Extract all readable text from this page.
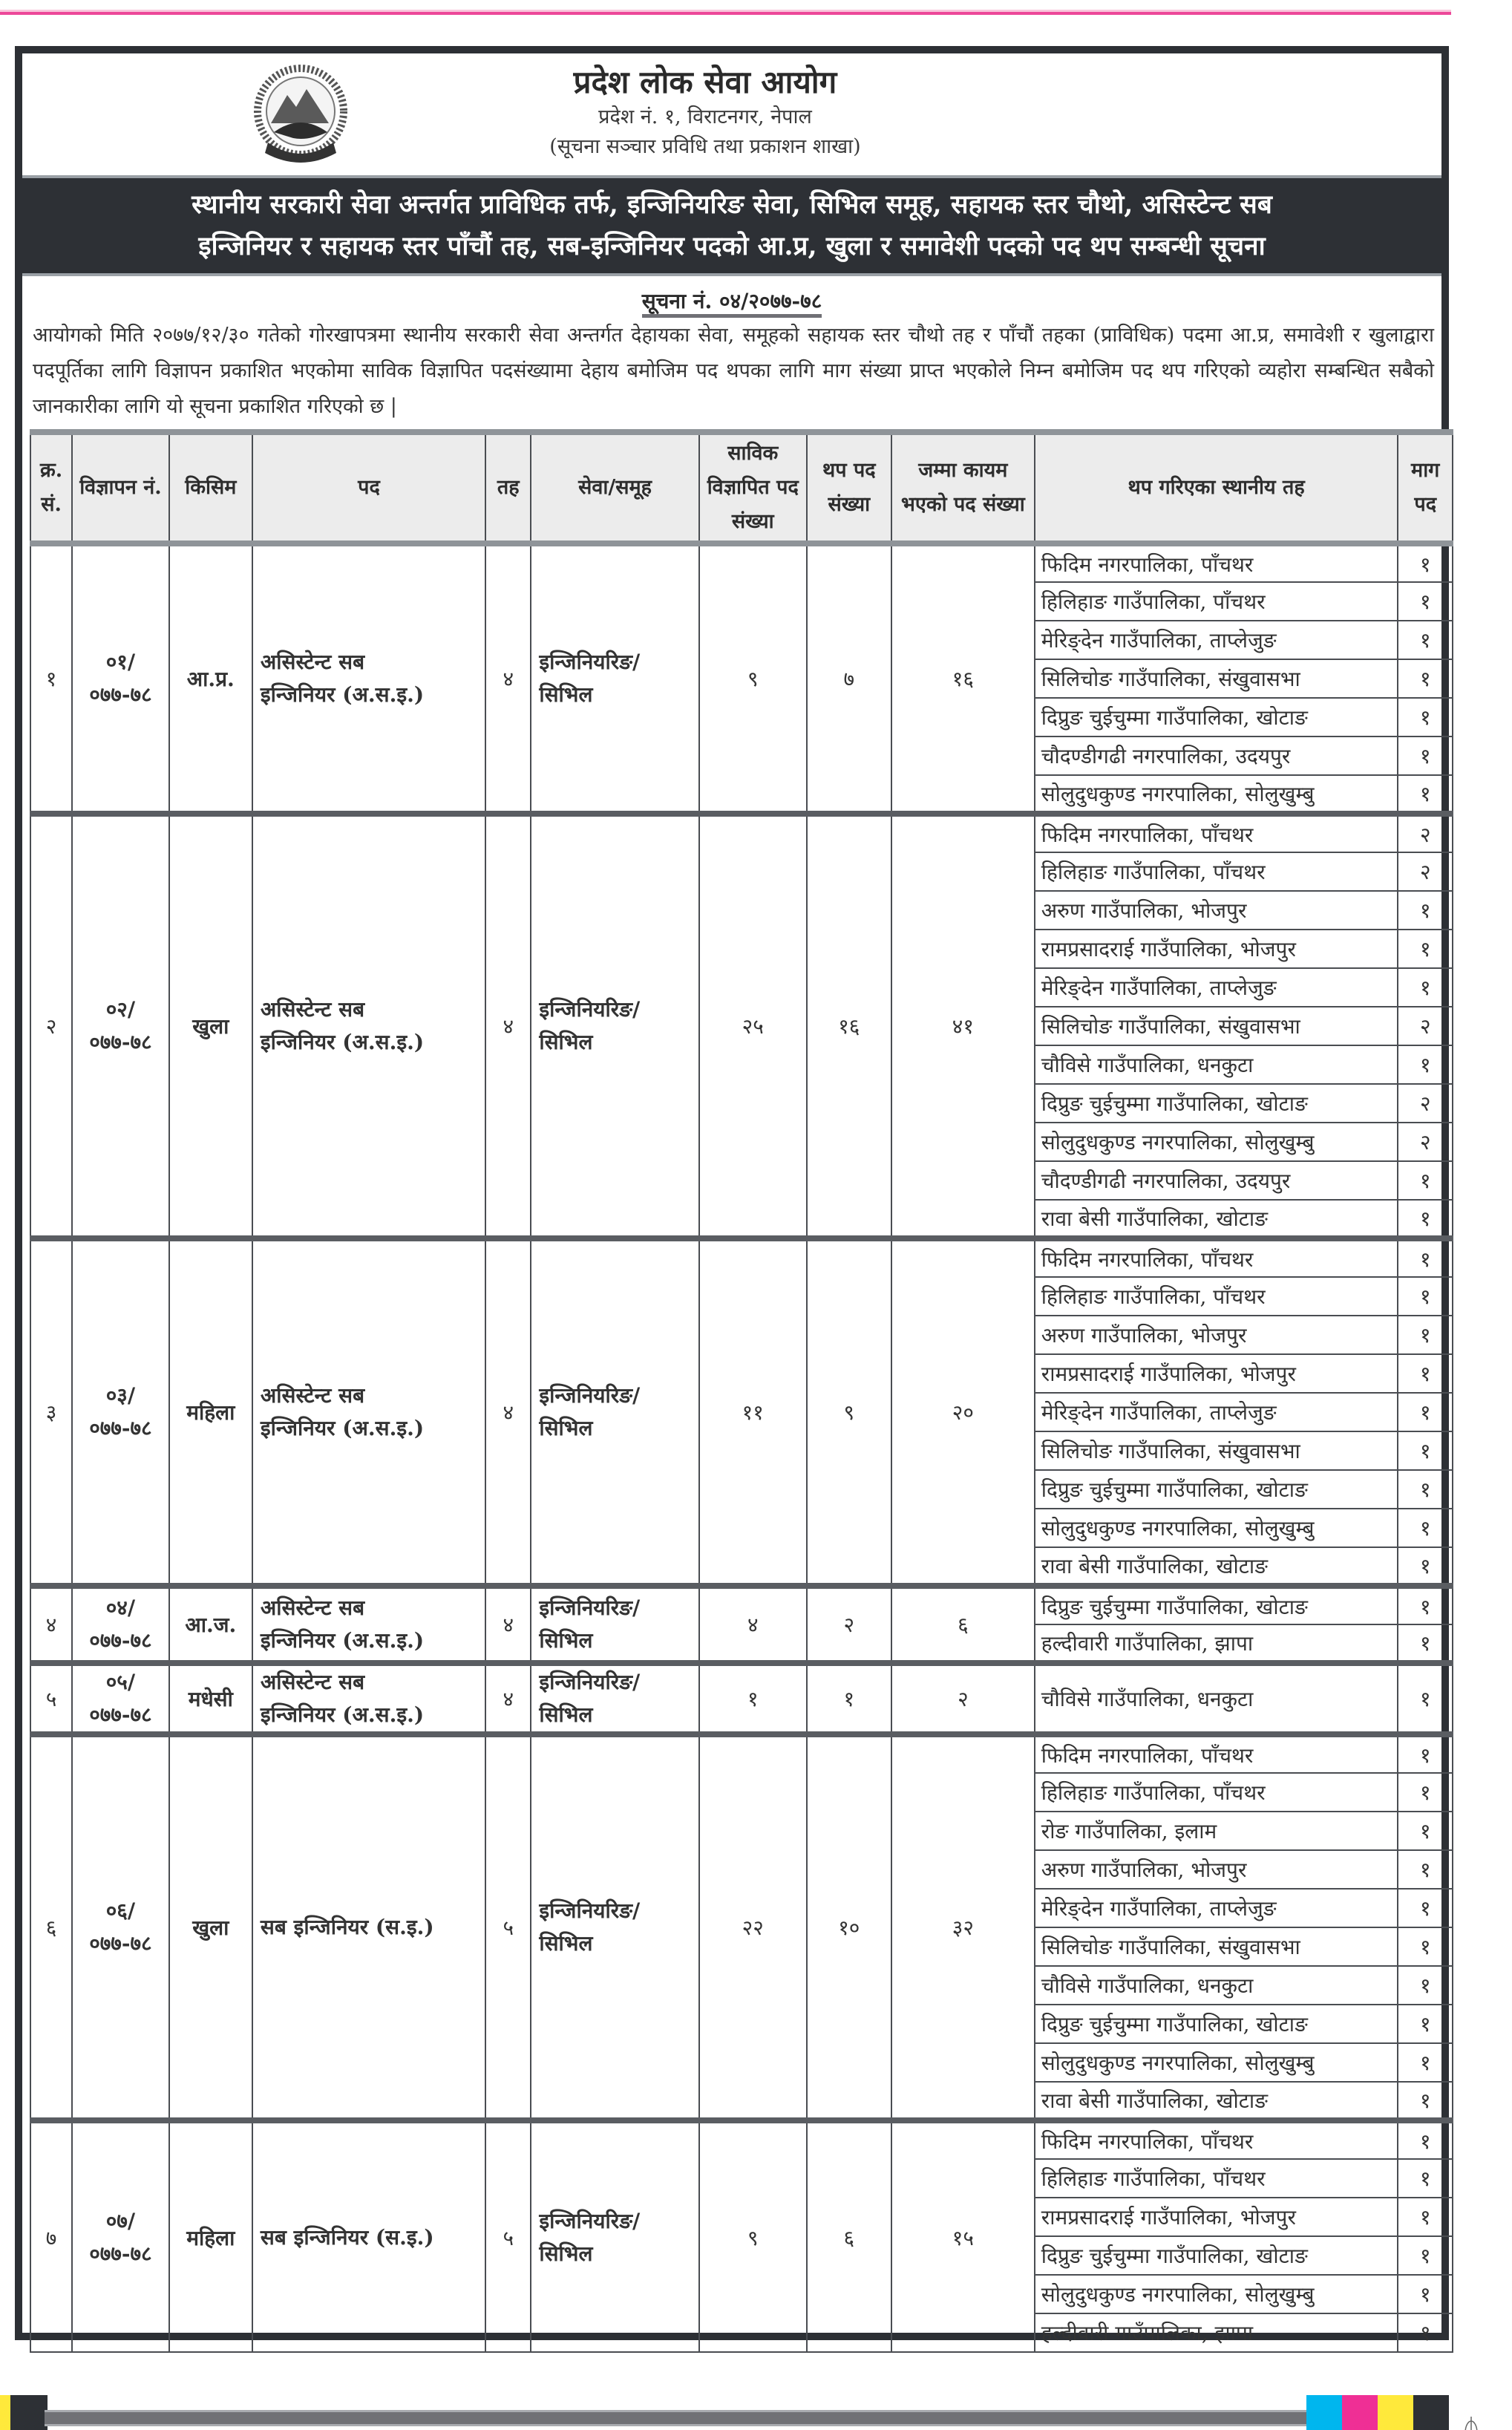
प्रदेश लोक सेवा आयोग
प्रदेश नं. १, विराटनगर, नेपाल
(सूचना सञ्चार प्रविधि तथा प्रकाशन शाखा)
स्थानीय सरकारी सेवा अन्तर्गत प्राविधिक तर्फ, इन्जिनियरिङ सेवा, सिभिल समूह, सहायक स्तर चौथो, असिस्टेन्ट सब
इन्जिनियर र सहायक स्तर पाँचौं तह, सब-इन्जिनियर पदको आ.प्र, खुला र समावेशी पदको पद थप सम्बन्धी सूचना
सूचना नं. ०४/२०७७-७८

आयोगको मिति २०७७/१२/३० गतेको गोरखापत्रमा स्थानीय सरकारी सेवा अन्तर्गत देहायका सेवा, समूहको सहायक स्तर चौथो तह र पाँचौं तहका (प्राविधिक) पदमा आ.प्र, समावेशी र खुलाद्वारा पदपूर्तिका लागि विज्ञापन प्रकाशित भएकोमा साविक विज्ञापित पदसंख्यामा देहाय बमोजिम पद थपका लागि माग संख्या प्राप्त भएकोले निम्न बमोजिम पद थप गरिएको व्यहोरा सम्बन्धित सबैको जानकारीका लागि यो सूचना प्रकाशित गरिएको छ |

क्र. सं.	विज्ञापन नं.	किसिम	पद	तह	सेवा/समूह	साविक विज्ञापित पद संख्या	थप पद संख्या	जम्मा कायम भएको पद संख्या	थप गरिएका स्थानीय तह	माग पद
१	०१/
०७७-७८	आ.प्र.	असिस्टेन्ट सब
इन्जिनियर (अ.स.इ.)	४	इन्जिनियरिङ/
सिभिल	९	७	१६	फिदिम नगरपालिका, पाँचथर	१
									हिलिहाङ गाउँपालिका, पाँचथर	१
									मेरिङ्देन गाउँपालिका, ताप्लेजुङ	१
									सिलिचोङ गाउँपालिका, संखुवासभा	१
									दिप्रुङ चुईचुम्मा गाउँपालिका, खोटाङ	१
									चौदण्डीगढी नगरपालिका, उदयपुर	१
									सोलुदुधकुण्ड नगरपालिका, सोलुखुम्बु	१
२	०२/
०७७-७८	खुला	असिस्टेन्ट सब
इन्जिनियर (अ.स.इ.)	४	इन्जिनियरिङ/
सिभिल	२५	१६	४१	फिदिम नगरपालिका, पाँचथर	२
									हिलिहाङ गाउँपालिका, पाँचथर	२
									अरुण गाउँपालिका, भोजपुर	१
									रामप्रसादराई गाउँपालिका, भोजपुर	१
									मेरिङ्देन गाउँपालिका, ताप्लेजुङ	१
									सिलिचोङ गाउँपालिका, संखुवासभा	२
									चौविसे गाउँपालिका, धनकुटा	१
									दिप्रुङ चुईचुम्मा गाउँपालिका, खोटाङ	२
									सोलुदुधकुण्ड नगरपालिका, सोलुखुम्बु	२
									चौदण्डीगढी नगरपालिका, उदयपुर	१
									रावा बेसी गाउँपालिका, खोटाङ	१
३	०३/
०७७-७८	महिला	असिस्टेन्ट सब
इन्जिनियर (अ.स.इ.)	४	इन्जिनियरिङ/
सिभिल	११	९	२०	फिदिम नगरपालिका, पाँचथर	१
									हिलिहाङ गाउँपालिका, पाँचथर	१
									अरुण गाउँपालिका, भोजपुर	१
									रामप्रसादराई गाउँपालिका, भोजपुर	१
									मेरिङ्देन गाउँपालिका, ताप्लेजुङ	१
									सिलिचोङ गाउँपालिका, संखुवासभा	१
									दिप्रुङ चुईचुम्मा गाउँपालिका, खोटाङ	१
									सोलुदुधकुण्ड नगरपालिका, सोलुखुम्बु	१
									रावा बेसी गाउँपालिका, खोटाङ	१
४	०४/
०७७-७८	आ.ज.	असिस्टेन्ट सब
इन्जिनियर (अ.स.इ.)	४	इन्जिनियरिङ/
सिभिल	४	२	६	दिप्रुङ चुईचुम्मा गाउँपालिका, खोटाङ	१
									हल्दीवारी गाउँपालिका, झापा	१
५	०५/
०७७-७८	मधेसी	असिस्टेन्ट सब
इन्जिनियर (अ.स.इ.)	४	इन्जिनियरिङ/
सिभिल	१	१	२	चौविसे गाउँपालिका, धनकुटा	१
६	०६/
०७७-७८	खुला	सब इन्जिनियर (स.इ.)	५	इन्जिनियरिङ/
सिभिल	२२	१०	३२	फिदिम नगरपालिका, पाँचथर	१
									हिलिहाङ गाउँपालिका, पाँचथर	१
									रोङ गाउँपालिका, इलाम	१
									अरुण गाउँपालिका, भोजपुर	१
									मेरिङ्देन गाउँपालिका, ताप्लेजुङ	१
									सिलिचोङ गाउँपालिका, संखुवासभा	१
									चौविसे गाउँपालिका, धनकुटा	१
									दिप्रुङ चुईचुम्मा गाउँपालिका, खोटाङ	१
									सोलुदुधकुण्ड नगरपालिका, सोलुखुम्बु	१
									रावा बेसी गाउँपालिका, खोटाङ	१
७	०७/
०७७-७८	महिला	सब इन्जिनियर (स.इ.)	५	इन्जिनियरिङ/
सिभिल	९	६	१५	फिदिम नगरपालिका, पाँचथर	१
									हिलिहाङ गाउँपालिका, पाँचथर	१
									रामप्रसादराई गाउँपालिका, भोजपुर	१
									दिप्रुङ चुईचुम्मा गाउँपालिका, खोटाङ	१
									सोलुदुधकुण्ड नगरपालिका, सोलुखुम्बु	१
									हल्दीवारी गाउँपालिका, झापा	१
